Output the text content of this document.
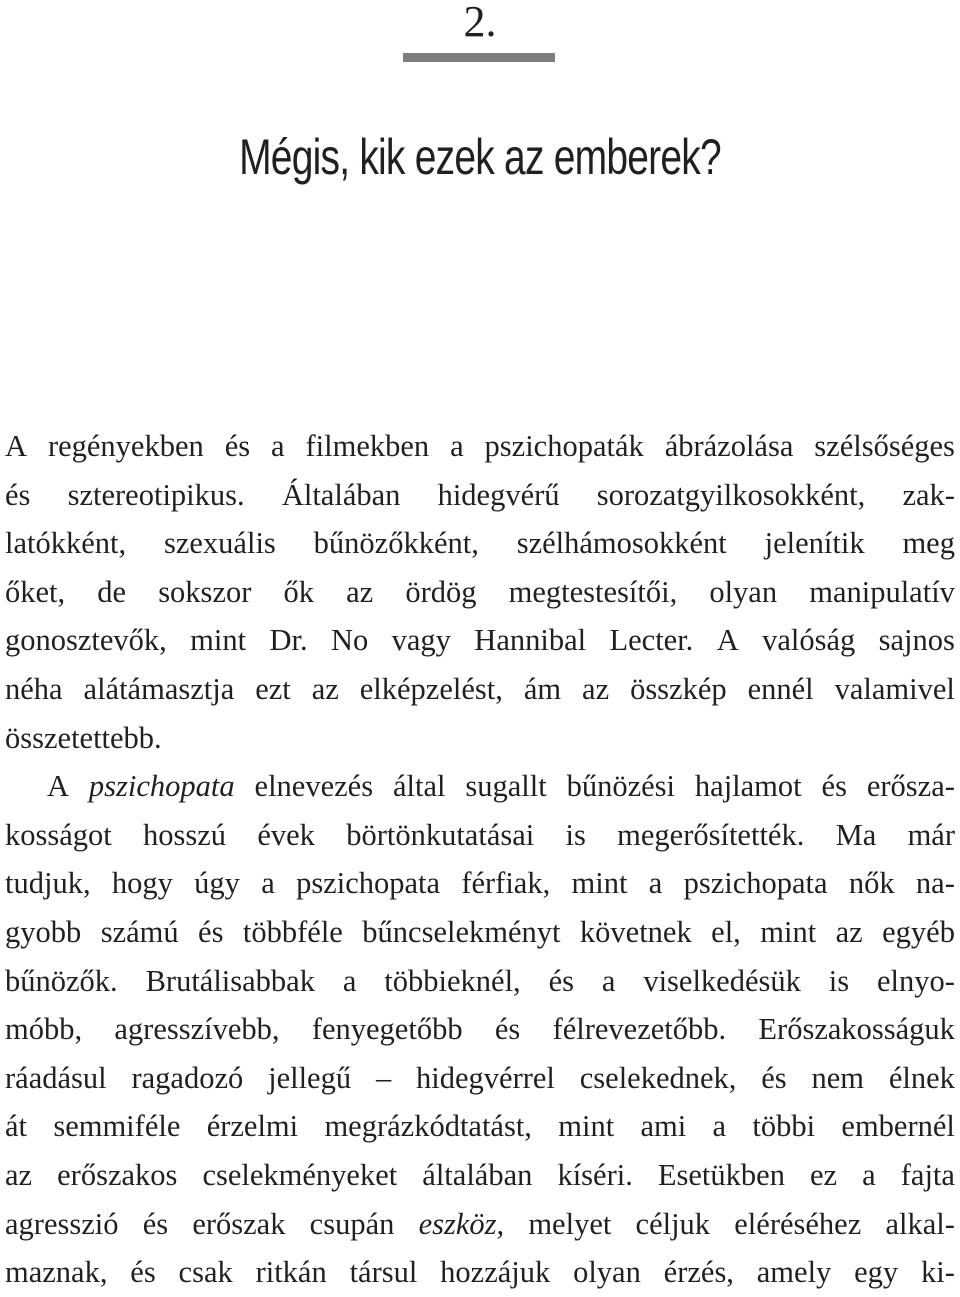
2.
Mégis, kik ezek az emberek?
A regényekben és a filmekben a pszichopaták ábrázolása szélsőséges
és sztereotipikus. Általában hidegvérű sorozatgyilkosokként, zak-
latókként, szexuális bűnözőkként, szélhámosokként jelenítik meg
őket, de sokszor ők az ördög megtestesítői, olyan manipulatív
gonosztevők, mint Dr. No vagy Hannibal Lecter. A valóság sajnos
néha alátámasztja ezt az elképzelést, ám az összkép ennél valamivel
összetettebb.
A pszichopata elnevezés által sugallt bűnözési hajlamot és erősza-
kosságot hosszú évek börtönkutatásai is megerősítették. Ma már
tudjuk, hogy úgy a pszichopata férfiak, mint a pszichopata nők na-
gyobb számú és többféle bűncselekményt követnek el, mint az egyéb
bűnözők. Brutálisabbak a többieknél, és a viselkedésük is elnyo-
móbb, agresszívebb, fenyegetőbb és félrevezetőbb. Erőszakosságuk
ráadásul ragadozó jellegű – hidegvérrel cselekednek, és nem élnek
át semmiféle érzelmi megrázkódtatást, mint ami a többi embernél
az erőszakos cselekményeket általában kíséri. Esetükben ez a fajta
agresszió és erőszak csupán eszköz, melyet céljuk eléréséhez alkal-
maznak, és csak ritkán társul hozzájuk olyan érzés, amely egy ki-
